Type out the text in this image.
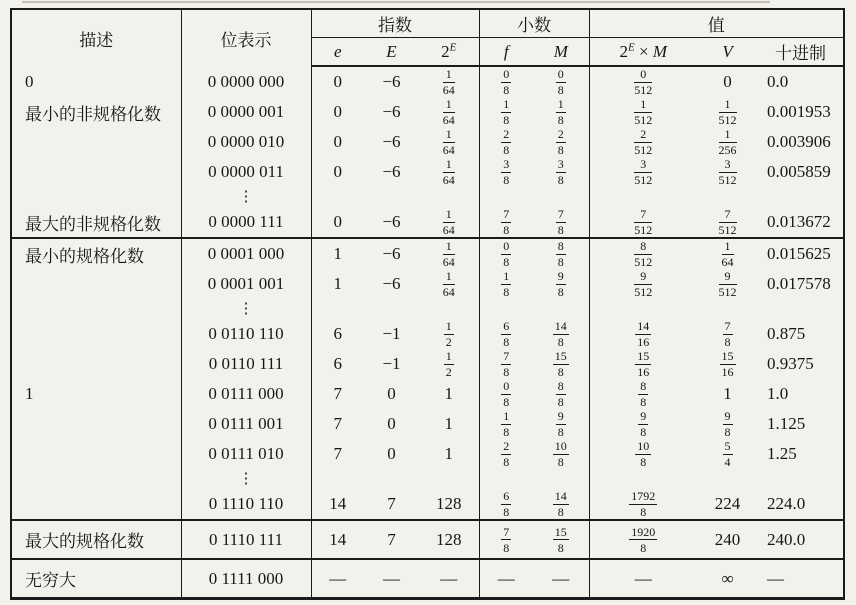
描述	位表示	指数			小数		值		
		e	E	$2^E$	f	M	$2^E \times M$	V	十进制
0	0 0000 000	0	−6	$\frac{1}{64}$	$\frac{0}{8}$	$\frac{0}{8}$	$\frac{0}{512}$	0	0.0
最小的非规格化数	0 0000 001	0	−6	$\frac{1}{64}$	$\frac{1}{8}$	$\frac{1}{8}$	$\frac{1}{512}$	$\frac{1}{512}$	0.001953
	0 0000 010	0	−6	$\frac{1}{64}$	$\frac{2}{8}$	$\frac{2}{8}$	$\frac{2}{512}$	$\frac{1}{256}$	0.003906
	0 0000 011	0	−6	$\frac{1}{64}$	$\frac{3}{8}$	$\frac{3}{8}$	$\frac{3}{512}$	$\frac{3}{512}$	0.005859
	⋮								
最大的非规格化数	0 0000 111	0	−6	$\frac{1}{64}$	$\frac{7}{8}$	$\frac{7}{8}$	$\frac{7}{512}$	$\frac{7}{512}$	0.013672
最小的规格化数	0 0001 000	1	−6	$\frac{1}{64}$	$\frac{0}{8}$	$\frac{8}{8}$	$\frac{8}{512}$	$\frac{1}{64}$	0.015625
	0 0001 001	1	−6	$\frac{1}{64}$	$\frac{1}{8}$	$\frac{9}{8}$	$\frac{9}{512}$	$\frac{9}{512}$	0.017578
	⋮								
	0 0110 110	6	−1	$\frac{1}{2}$	$\frac{6}{8}$	$\frac{14}{8}$	$\frac{14}{16}$	$\frac{7}{8}$	0.875
	0 0110 111	6	−1	$\frac{1}{2}$	$\frac{7}{8}$	$\frac{15}{8}$	$\frac{15}{16}$	$\frac{15}{16}$	0.9375
1	0 0111 000	7	0	1	$\frac{0}{8}$	$\frac{8}{8}$	$\frac{8}{8}$	1	1.0
	0 0111 001	7	0	1	$\frac{1}{8}$	$\frac{9}{8}$	$\frac{9}{8}$	$\frac{9}{8}$	1.125
	0 0111 010	7	0	1	$\frac{2}{8}$	$\frac{10}{8}$	$\frac{10}{8}$	$\frac{5}{4}$	1.25
	⋮								
	0 1110 110	14	7	128	$\frac{6}{8}$	$\frac{14}{8}$	$\frac{1792}{8}$	224	224.0
最大的规格化数	0 1110 111	14	7	128	$\frac{7}{8}$	$\frac{15}{8}$	$\frac{1920}{8}$	240	240.0
无穷大	0 1111 000	—	—	—	—	—	—	∞	—
